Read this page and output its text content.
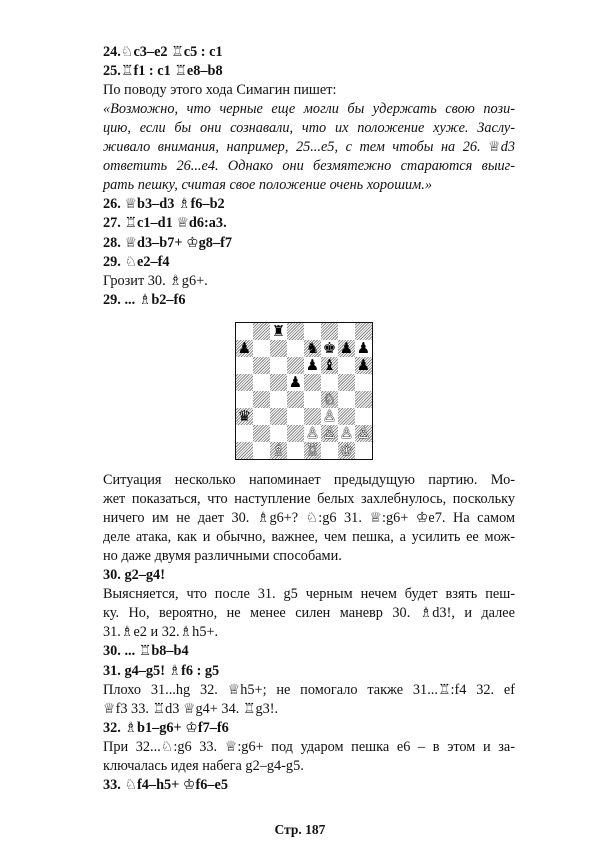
24.♘c3–e2 ♖c5 : c1
25.♖f1 : c1 ♖e8–b8
По поводу этого хода Симагин пишет:
«Возможно, что черные еще могли бы удержать свою пози-
цию, если бы они сознавали, что их положение хуже. Заслу-
живало внимания, например, 25...e5, с тем чтобы на 26. ♕d3
ответить 26...e4. Однако они безмятежно стараются выиг-
рать пешку, считая свое положение очень хорошим.»
26. ♕b3–d3 ♗f6–b2
27. ♖c1–d1 ♕d6:a3.
28. ♕d3–b7+ ♔g8–f7
29. ♘e2–f4
Грозит 30. ♗g6+.
29. ... ♗b2–f6
♜
♟	♞ ♚ ♟ ♟
♟ ♝ ♟
♟
♘
♛	♙
♙ ♙ ♙ ♙
♗ ♖ ♔
Ситуация несколько напоминает предыдущую партию. Мо-
жет показаться, что наступление белых захлебнулось, поскольку
ничего им не дает 30. ♗g6+? ♘:g6 31. ♕:g6+ ♔e7. На самом
деле атака, как и обычно, важнее, чем пешка, а усилить ее мож-
но даже двумя различными способами.
30. g2–g4!
Выясняется, что после 31. g5 черным нечем будет взять пеш-
ку. Но, вероятно, не менее силен маневр 30. ♗d3!, и далее
31.♗e2 и 32.♗h5+.
30. ... ♖b8–b4
31. g4–g5! ♗f6 : g5
Плохо 31...hg 32. ♕h5+; не помогало также 31...♖:f4 32. ef
♕f3 33. ♖d3 ♕g4+ 34. ♖g3!.
32. ♗b1–g6+ ♔f7–f6
При 32...♘:g6 33. ♕:g6+ под ударом пешка e6 – в этом и за-
ключалась идея набега g2–g4-g5.
33. ♘f4–h5+ ♔f6–e5
Стр. 187
